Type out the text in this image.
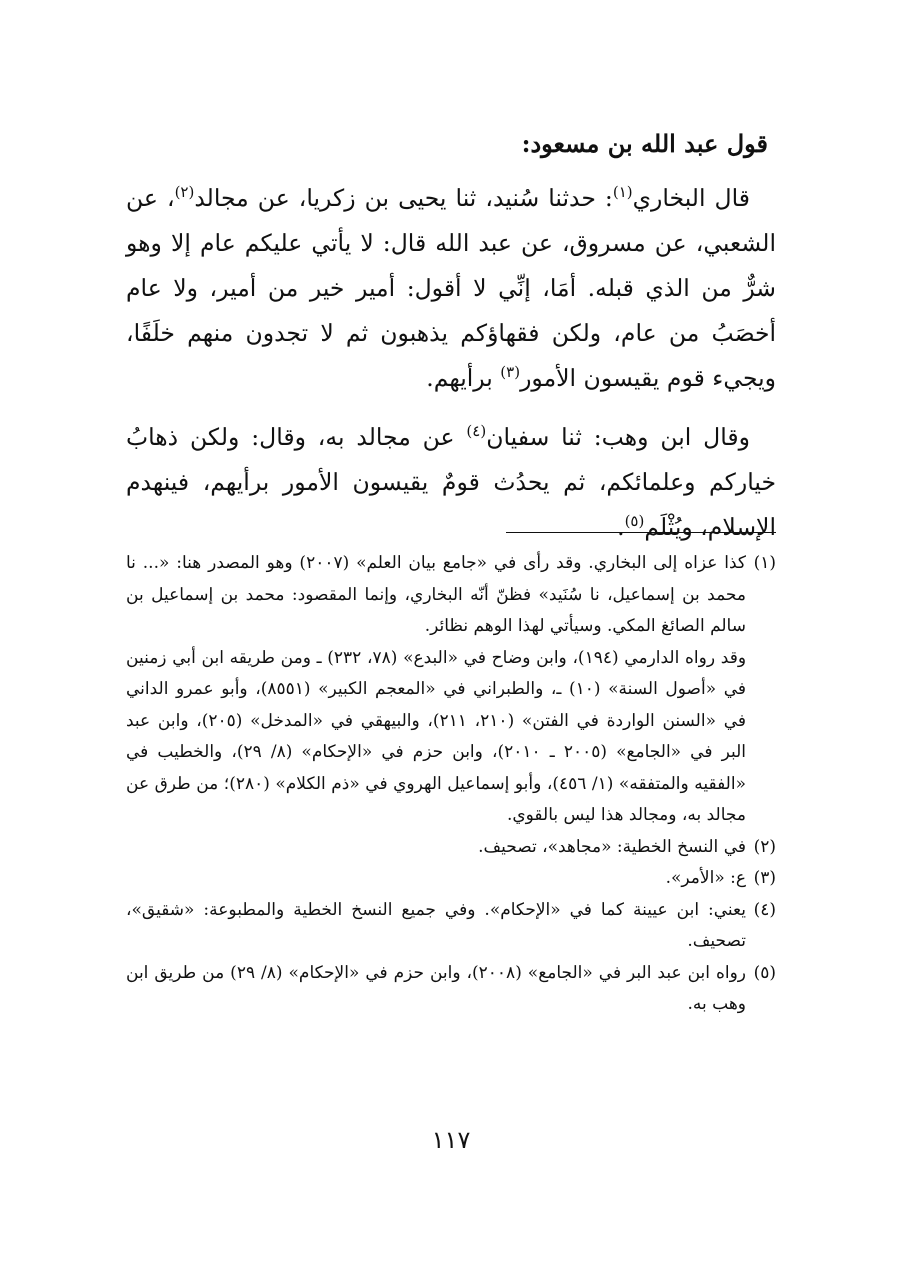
قول عبد الله بن مسعود:

قال البخاري$^{(١)}$: حدثنا سُنيد، ثنا يحيى بن زكريا، عن مجالد$^{(٢)}$، عن الشعبي، عن مسروق، عن عبد الله قال: لا يأتي عليكم عام إلا وهو شرٌّ من الذي قبله. أمَا، إنِّي لا أقول: أمير خير من أمير، ولا عام أخصَبُ من عام، ولكن فقهاؤكم يذهبون ثم لا تجدون منهم خلَفًا، ويجيء قوم يقيسون الأمور$^{(٣)}$ برأيهم.

وقال ابن وهب: ثنا سفيان$^{(٤)}$ عن مجالد به، وقال: ولكن ذهابُ خياركم وعلمائكم، ثم يحدُث قومٌ يقيسون الأمور برأيهم، فينهدم الإسلام، ويُثْلَم$^{(٥)}$.

(١)

كذا عزاه إلى البخاري. وقد رأى في «جامع بيان العلم» (٢٠٠٧) وهو المصدر هنا: «... نا محمد بن إسماعيل، نا سُنَيد» فظنّ أنّه البخاري، وإنما المقصود: محمد بن إسماعيل بن سالم الصائغ المكي. وسيأتي لهذا الوهم نظائر.

وقد رواه الدارمي (١٩٤)، وابن وضاح في «البدع» (٧٨، ٢٣٢) ـ ومن طريقه ابن أبي زمنين في «أصول السنة» (١٠) ـ، والطبراني في «المعجم الكبير» (٨٥٥١)، وأبو عمرو الداني في «السنن الواردة في الفتن» (٢١٠، ٢١١)، والبيهقي في «المدخل» (٢٠٥)، وابن عبد البر في «الجامع» (٢٠٠٥ ـ ٢٠١٠)، وابن حزم في «الإحكام» (٨/ ٢٩)، والخطيب في «الفقيه والمتفقه» (١/ ٤٥٦)، وأبو إسماعيل الهروي في «ذم الكلام» (٢٨٠)؛ من طرق عن مجالد به، ومجالد هذا ليس بالقوي.

(٢)

في النسخ الخطية: «مجاهد»، تصحيف.

(٣)

ع: «الأمر».

(٤)

يعني: ابن عيينة كما في «الإحكام». وفي جميع النسخ الخطية والمطبوعة: «شقيق»، تصحيف.

(٥)

رواه ابن عبد البر في «الجامع» (٢٠٠٨)، وابن حزم في «الإحكام» (٨/ ٢٩) من طريق ابن وهب به.

١١٧
